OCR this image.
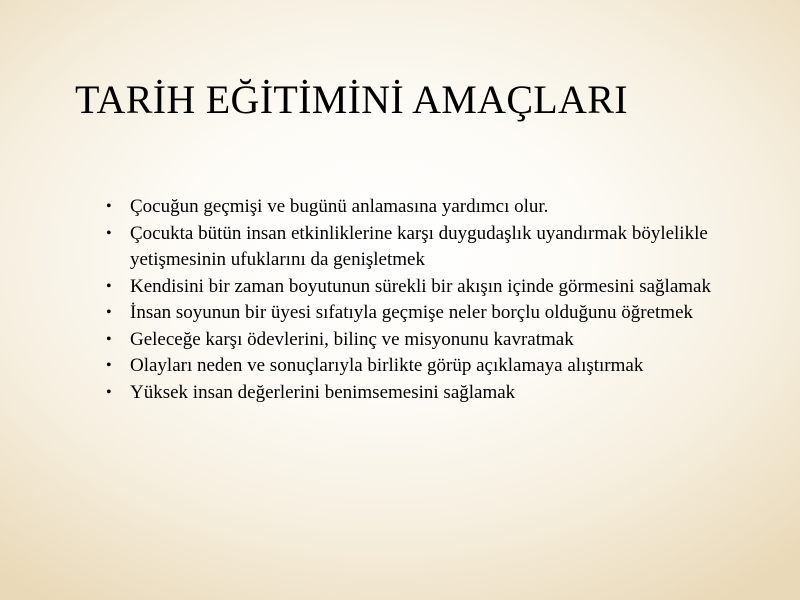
TARİH EĞİTİMİNİ AMAÇLARI
• Çocuğun geçmişi ve bugünü anlamasına yardımcı olur.
• Çocukta bütün insan etkinliklerine karşı duygudaşlık uyandırmak böylelikle yetişmesinin ufuklarını da genişletmek
• Kendisini bir zaman boyutunun sürekli bir akışın içinde görmesini sağlamak
• İnsan soyunun bir üyesi sıfatıyla geçmişe neler borçlu olduğunu öğretmek
• Geleceğe karşı ödevlerini, bilinç ve misyonunu kavratmak
• Olayları neden ve sonuçlarıyla birlikte görüp açıklamaya alıştırmak
• Yüksek insan değerlerini benimsemesini sağlamak
